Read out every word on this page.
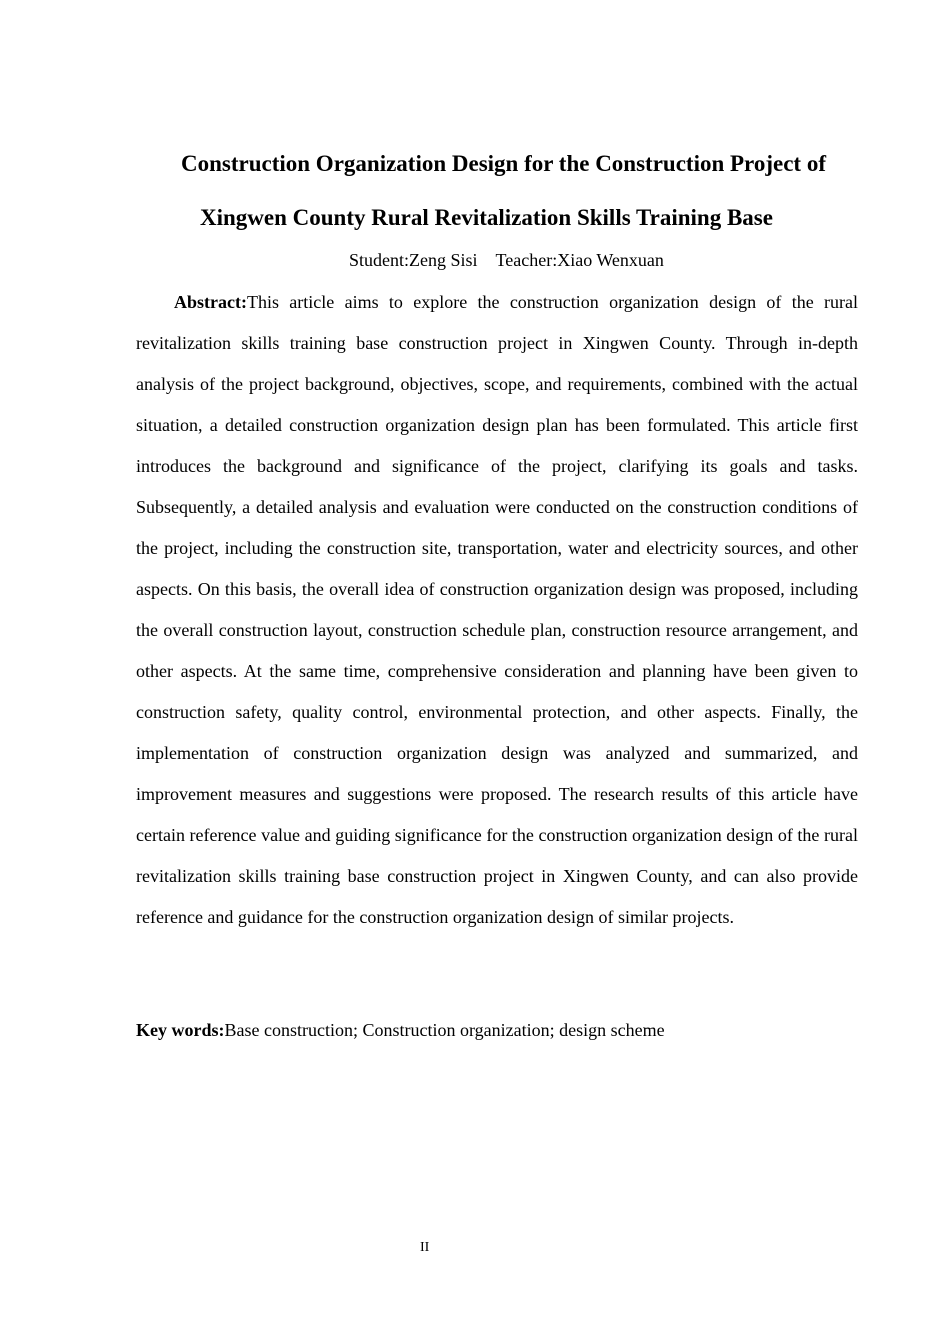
Construction Organization Design for the Construction Project of
Xingwen County Rural Revitalization Skills Training Base
Student:Zeng Sisi Teacher:Xiao Wenxuan

Abstract:This article aims to explore the construction organization design of the rural revitalization skills training base construction project in Xingwen County. Through in-depth analysis of the project background, objectives, scope, and requirements, combined with the actual situation, a detailed construction organization design plan has been formulated. This article first introduces the background and significance of the project, clarifying its goals and tasks. Subsequently, a detailed analysis and evaluation were conducted on the construction conditions of the project, including the construction site, transportation, water and electricity sources, and other aspects. On this basis, the overall idea of construction organization design was proposed, including the overall construction layout, construction schedule plan, construction resource arrangement, and other aspects. At the same time, comprehensive consideration and planning have been given to construction safety, quality control, environmental protection, and other aspects. Finally, the implementation of construction organization design was analyzed and summarized, and improvement measures and suggestions were proposed. The research results of this article have certain reference value and guiding significance for the construction organization design of the rural revitalization skills training base construction project in Xingwen County, and can also provide reference and guidance for the construction organization design of similar projects.

Key words:Base construction; Construction organization; design scheme
II
